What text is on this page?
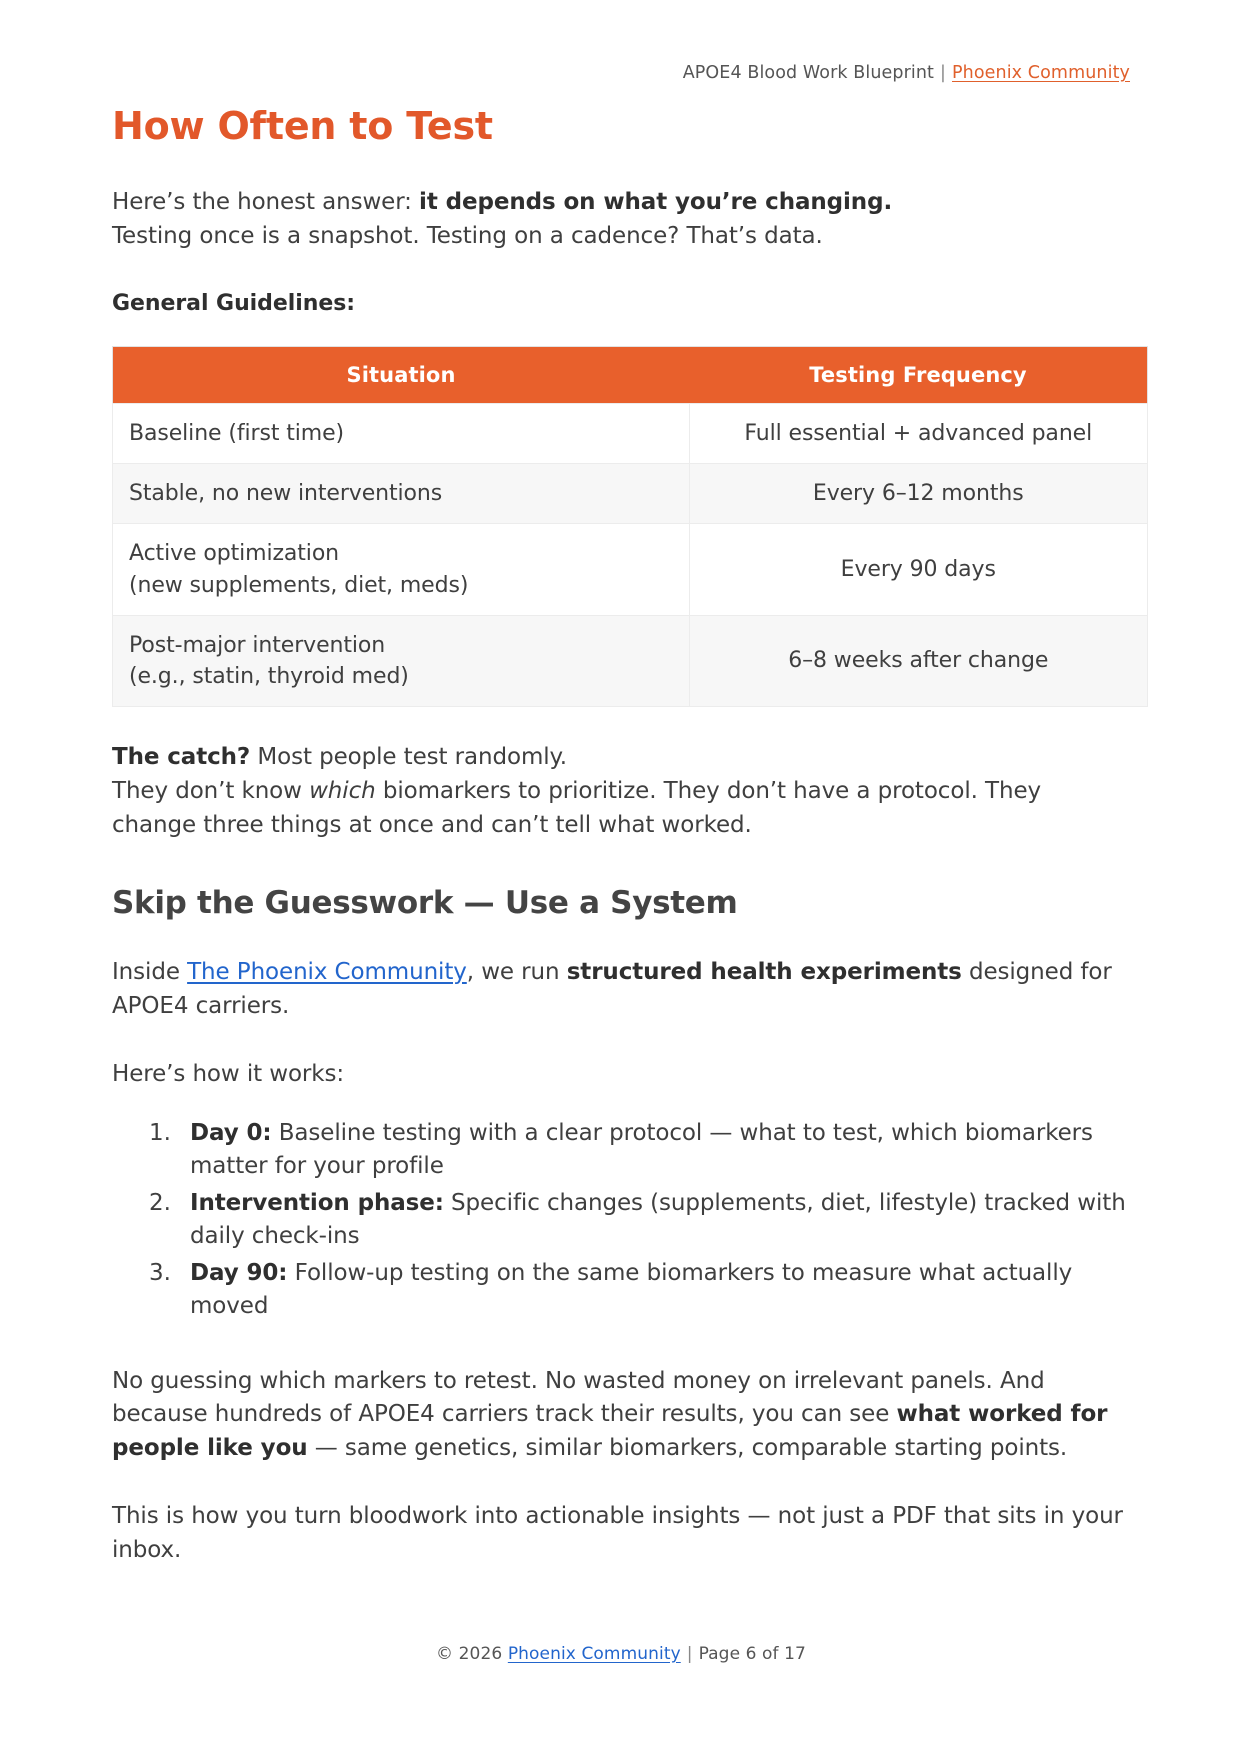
APOE4 Blood Work Blueprint | Phoenix Community
How Often to Test

Here’s the honest answer: it depends on what you’re changing.
Testing once is a snapshot. Testing on a cadence? That’s data.

General Guidelines:

Situation	Testing Frequency

Baseline (first time)	Full essential + advanced panel

Stable, no new interventions	Every 6–12 months

Active optimization
(new supplements, diet, meds)	Every 90 days

Post-major intervention
(e.g., statin, thyroid med)	6–8 weeks after change

The catch? Most people test randomly.
They don’t know which biomarkers to prioritize. They don’t have a protocol. They change three things at once and can’t tell what worked.

Skip the Guesswork — Use a System

Inside The Phoenix Community, we run structured health experiments designed for APOE4 carriers.

Here’s how it works:

1. Day 0: Baseline testing with a clear protocol — what to test, which biomarkers matter for your profile
2. Intervention phase: Specific changes (supplements, diet, lifestyle) tracked with daily check-ins
3. Day 90: Follow-up testing on the same biomarkers to measure what actually moved

No guessing which markers to retest. No wasted money on irrelevant panels. And because hundreds of APOE4 carriers track their results, you can see what worked for people like you — same genetics, similar biomarkers, comparable starting points.

This is how you turn bloodwork into actionable insights — not just a PDF that sits in your inbox.

© 2026 Phoenix Community | Page 6 of 17
